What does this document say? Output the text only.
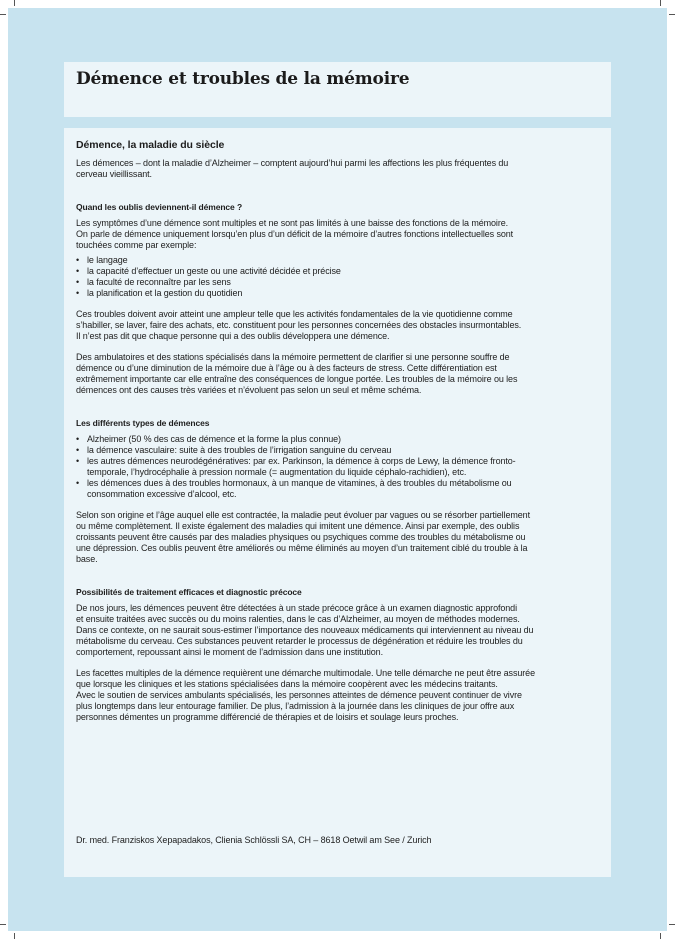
Démence et troubles de la mémoire
Démence, la maladie du siècle

Les démences – dont la maladie d’Alzheimer – comptent aujourd’hui parmi les affections les plus fréquentes du
cerveau vieillissant.

Quand les oublis deviennent-il démence ?

Les symptômes d’une démence sont multiples et ne sont pas limités à une baisse des fonctions de la mémoire.
On parle de démence uniquement lorsqu’en plus d’un déficit de la mémoire d’autres fonctions intellectuelles sont
touchées comme par exemple:

• le langage
• la capacité d’effectuer un geste ou une activité décidée et précise
• la faculté de reconnaître par les sens
• la planification et la gestion du quotidien

Ces troubles doivent avoir atteint une ampleur telle que les activités fondamentales de la vie quotidienne comme
s’habiller, se laver, faire des achats, etc. constituent pour les personnes concernées des obstacles insurmontables.
Il n’est pas dit que chaque personne qui a des oublis développera une démence.

Des ambulatoires et des stations spécialisés dans la mémoire permettent de clarifier si une personne souffre de
démence ou d’une diminution de la mémoire due à l’âge ou à des facteurs de stress. Cette différentiation est
extrêmement importante car elle entraîne des conséquences de longue portée. Les troubles de la mémoire ou les
démences ont des causes très variées et n’évoluent pas selon un seul et même schéma.

Les différents types de démences
• Alzheimer (50 % des cas de démence et la forme la plus connue)
• la démence vasculaire: suite à des troubles de l’irrigation sanguine du cerveau
• les autres démences neurodégénératives: par ex. Parkinson, la démence à corps de Lewy, la démence fronto-
temporale, l’hydrocéphalie à pression normale (= augmentation du liquide céphalo-rachidien), etc.
• les démences dues à des troubles hormonaux, à un manque de vitamines, à des troubles du métabolisme ou
consommation excessive d’alcool, etc.

Selon son origine et l’âge auquel elle est contractée, la maladie peut évoluer par vagues ou se résorber partiellement
ou même complètement. Il existe également des maladies qui imitent une démence. Ainsi par exemple, des oublis
croissants peuvent être causés par des maladies physiques ou psychiques comme des troubles du métabolisme ou
une dépression. Ces oublis peuvent être améliorés ou même éliminés au moyen d’un traitement ciblé du trouble à la
base.

Possibilités de traitement efficaces et diagnostic précoce

De nos jours, les démences peuvent être détectées à un stade précoce grâce à un examen diagnostic approfondi
et ensuite traitées avec succès ou du moins ralenties, dans le cas d’Alzheimer, au moyen de méthodes modernes.
Dans ce contexte, on ne saurait sous-estimer l’importance des nouveaux médicaments qui interviennent au niveau du
métabolisme du cerveau. Ces substances peuvent retarder le processus de dégénération et réduire les troubles du
comportement, repoussant ainsi le moment de l’admission dans une institution.

Les facettes multiples de la démence requièrent une démarche multimodale. Une telle démarche ne peut être assurée
que lorsque les cliniques et les stations spécialisées dans la mémoire coopèrent avec les médecins traitants.
Avec le soutien de services ambulants spécialisés, les personnes atteintes de démence peuvent continuer de vivre
plus longtemps dans leur entourage familier. De plus, l’admission à la journée dans les cliniques de jour offre aux
personnes démentes un programme différencié de thérapies et de loisirs et soulage leurs proches.

Dr. med. Franziskos Xepapadakos, Clienia Schlössli SA, CH – 8618 Oetwil am See / Zurich
